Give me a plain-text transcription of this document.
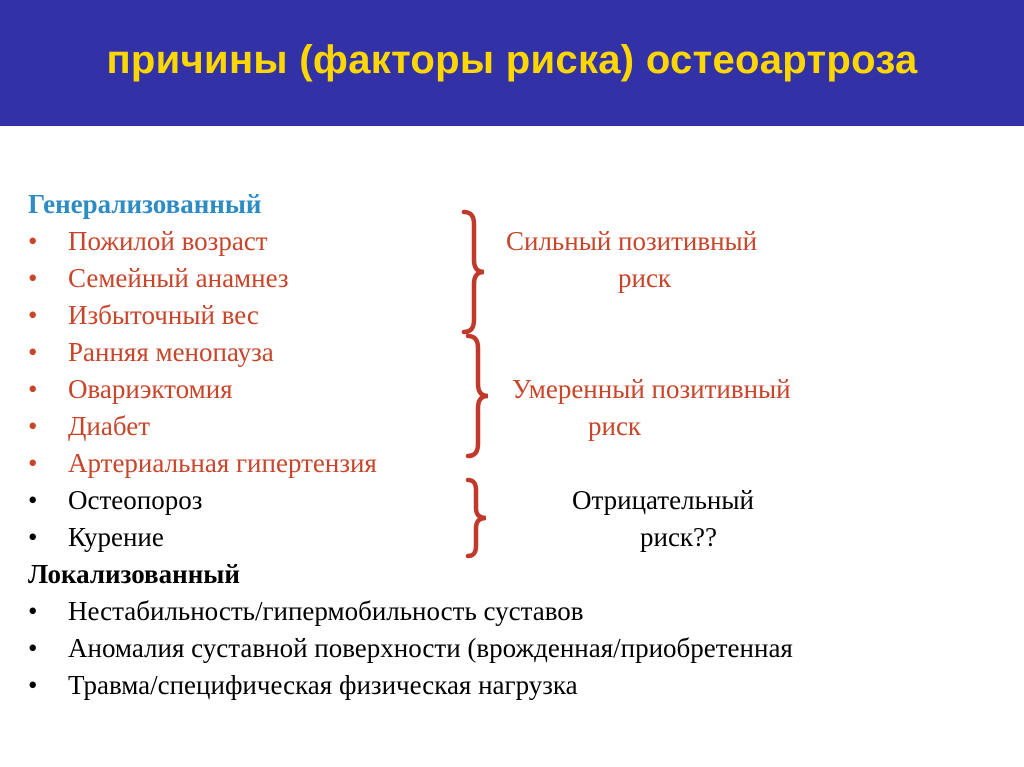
причины (факторы риска) остеоартроза
Генерализованный
• Пожилой возраст
• Семейный анамнез
• Избыточный вес
• Ранняя менопауза
• Овариэктомия
• Диабет
• Артериальная гипертензия
• Остеопороз
• Курение
Локализованный
• Нестабильность/гипермобильность суставов
• Аномалия суставной поверхности (врожденная/приобретенная
• Травма/специфическая физическая нагрузка
Сильный позитивный
риск
Умеренный позитивный
риск
Отрицательный
риск??
